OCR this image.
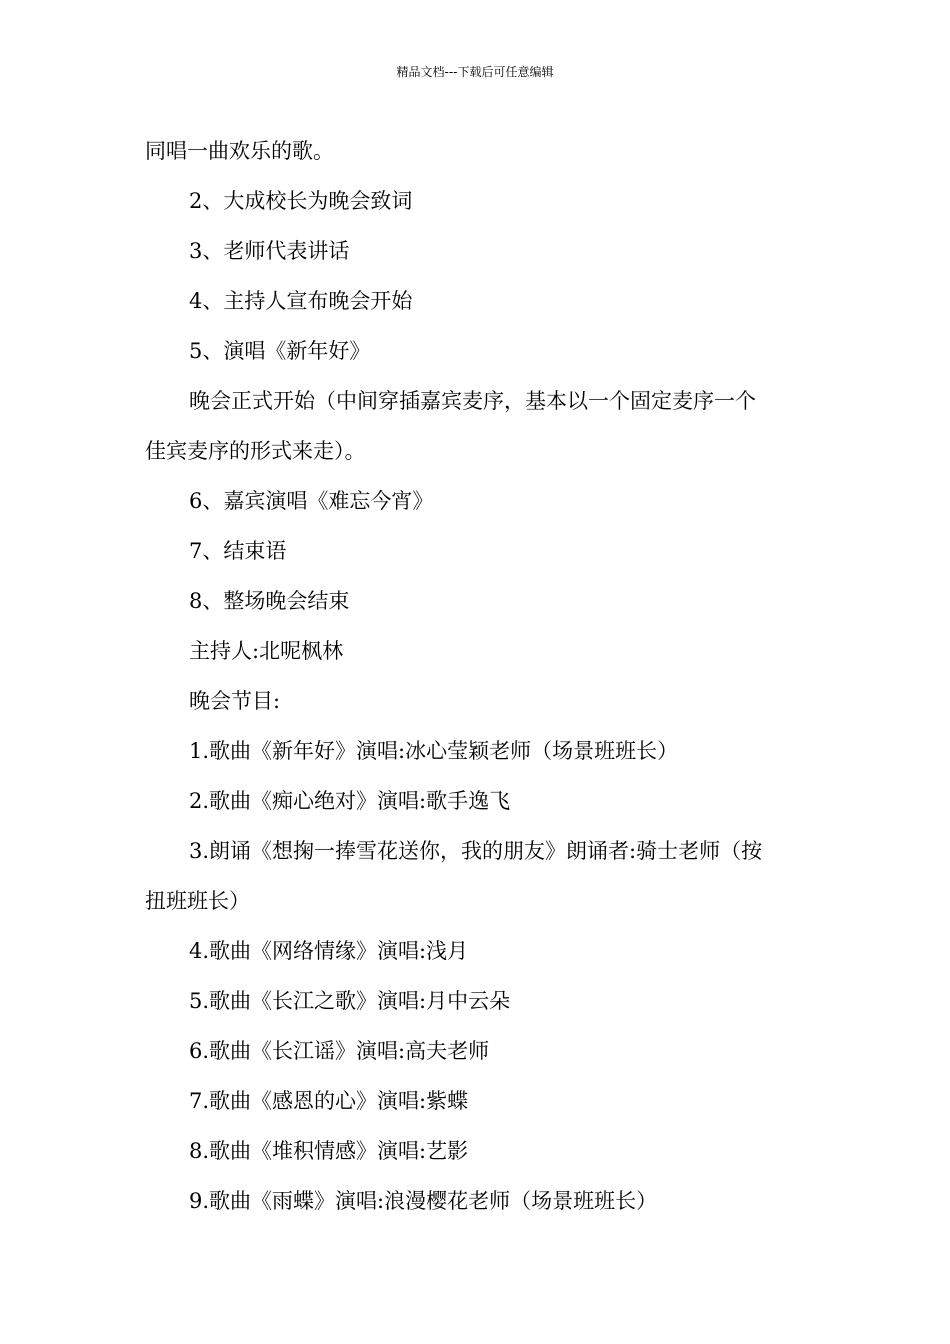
精品文档---下载后可任意编辑

同唱一曲欢乐的歌。

2、大成校长为晚会致词

3、老师代表讲话

4、主持人宣布晚会开始

5、演唱《新年好》

晚会正式开始（中间穿插嘉宾麦序，基本以一个固定麦序一个
佳宾麦序的形式来走）。

6、嘉宾演唱《难忘今宵》

7、结束语

8、整场晚会结束

主持人:北呢枫林

晚会节目:

1.歌曲《新年好》演唱:冰心莹颖老师（场景班班长）

2.歌曲《痴心绝对》演唱:歌手逸飞

3.朗诵《想掬一捧雪花送你，我的朋友》朗诵者:骑士老师（按
扭班班长）

4.歌曲《网络情缘》演唱:浅月

5.歌曲《长江之歌》演唱:月中云朵

6.歌曲《长江谣》演唱:高夫老师

7.歌曲《感恩的心》演唱:紫蝶

8.歌曲《堆积情感》演唱:艺影

9.歌曲《雨蝶》演唱:浪漫樱花老师（场景班班长）
